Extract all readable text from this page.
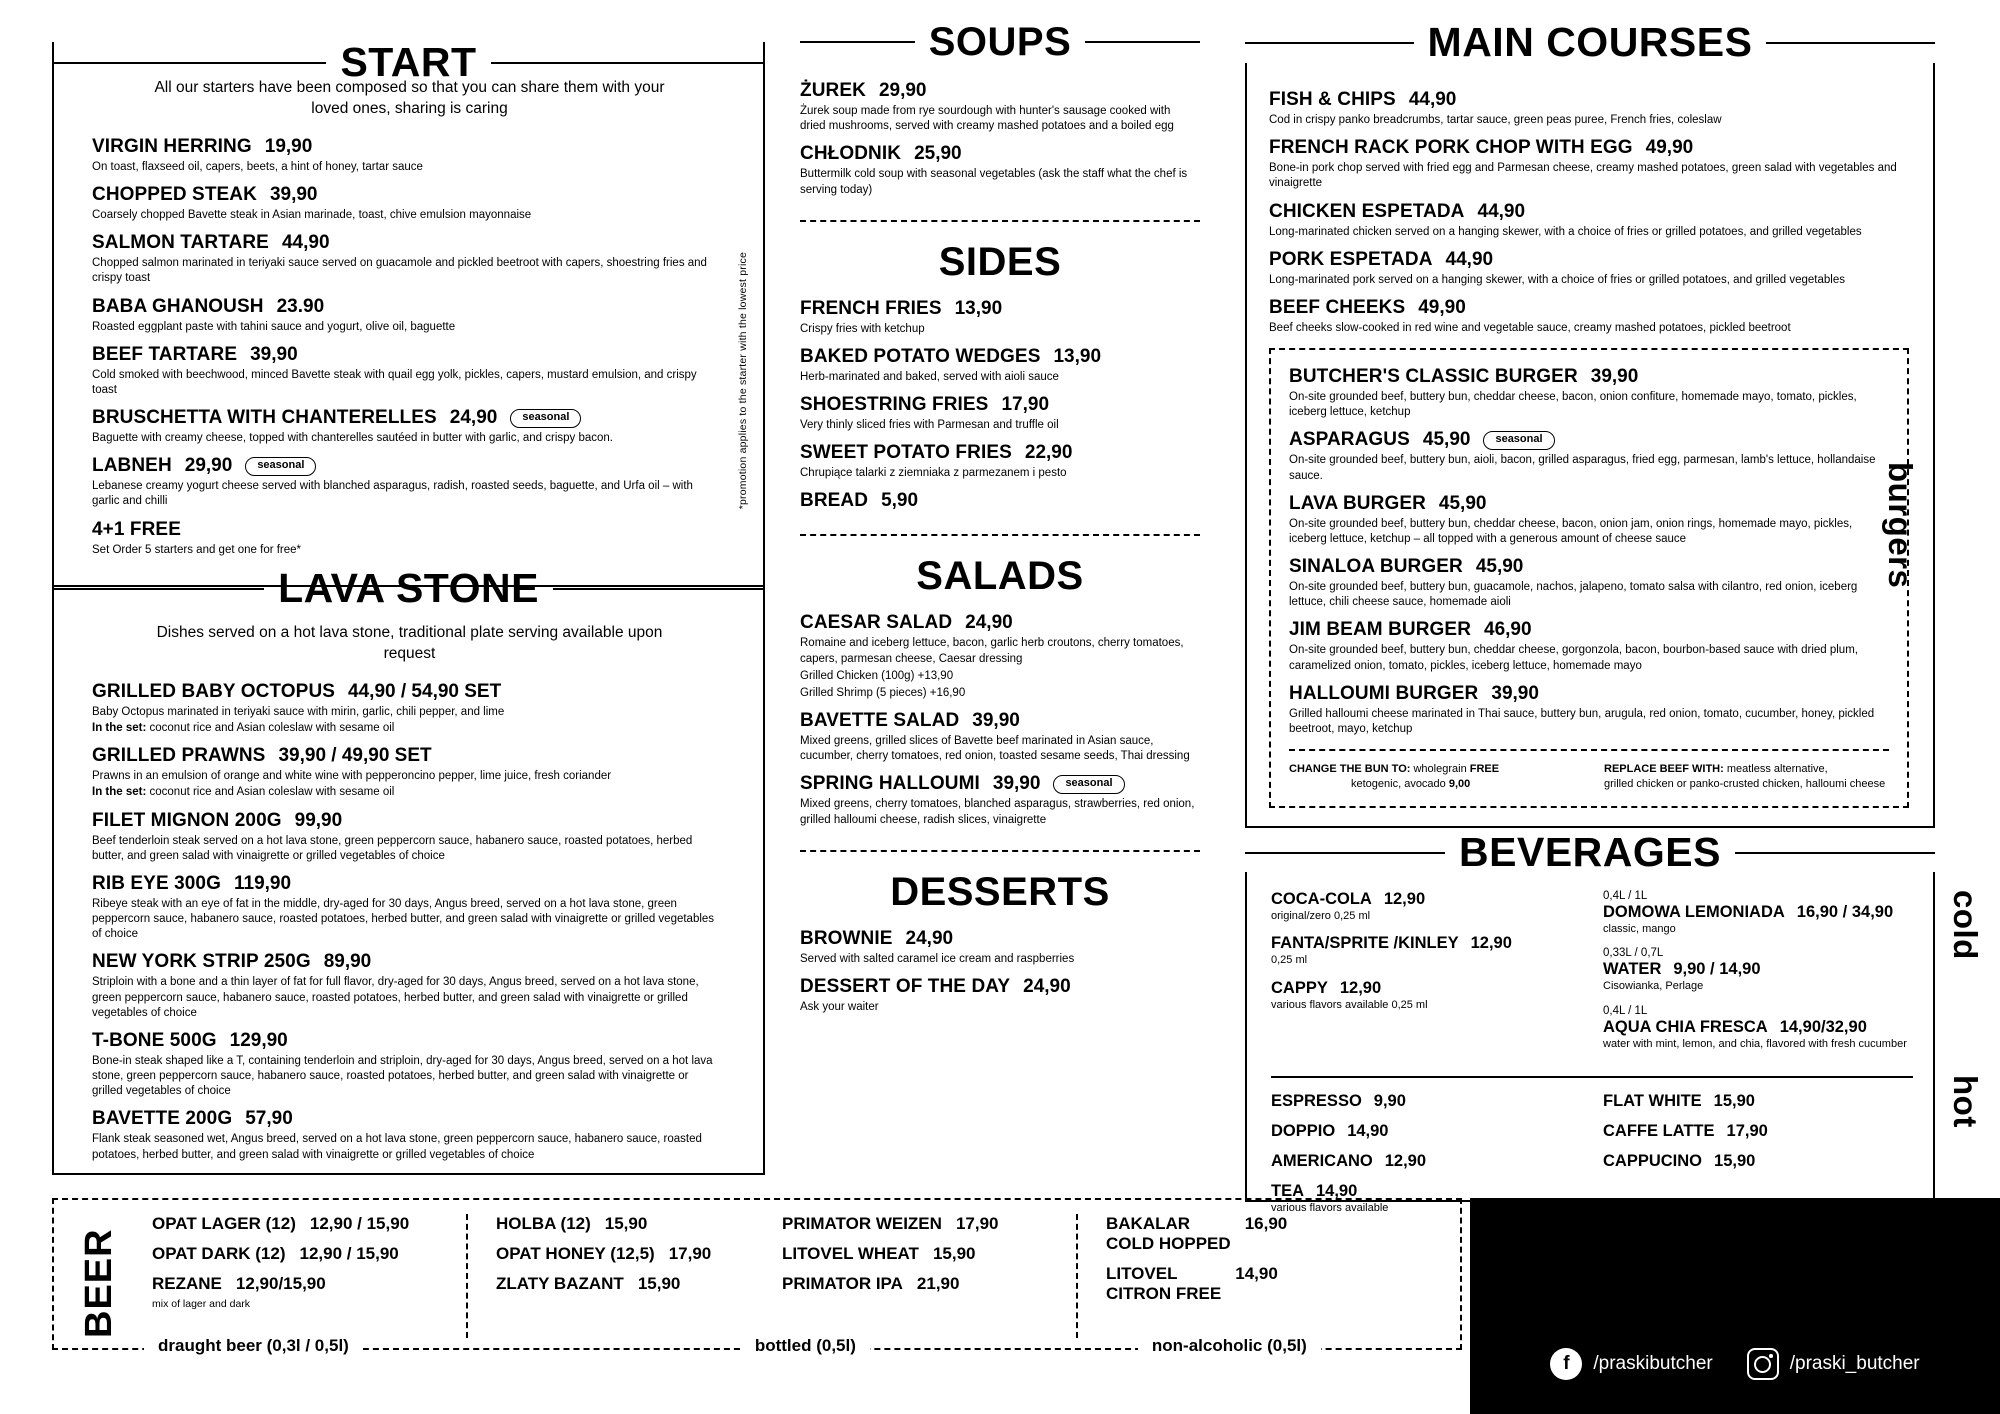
START
All our starters have been composed so that you can share them with your loved ones, sharing is caring
VIRGIN HERRING 19,90
On toast, flaxseed oil, capers, beets, a hint of honey, tartar sauce
CHOPPED STEAK 39,90
Coarsely chopped Bavette steak in Asian marinade, toast, chive emulsion mayonnaise
SALMON TARTARE 44,90
Chopped salmon marinated in teriyaki sauce served on guacamole and pickled beetroot with capers, shoestring fries and crispy toast
BABA GHANOUSH 23.90
Roasted eggplant paste with tahini sauce and yogurt, olive oil, baguette
BEEF TARTARE 39,90
Cold smoked with beechwood, minced Bavette steak with quail egg yolk, pickles, capers, mustard emulsion, and crispy toast
BRUSCHETTA WITH CHANTERELLES 24,90	seasonal
Baguette with creamy cheese, topped with chanterelles sautéed in butter with garlic, and crispy bacon.
LABNEH 29,90	seasonal
Lebanese creamy yogurt cheese served with blanched asparagus, radish, roasted seeds, baguette, and Urfa oil – with garlic and chilli
4+1 FREE
Set Order 5 starters and get one for free*
*promotion applies to the starter with the lowest price
LAVA STONE
Dishes served on a hot lava stone, traditional plate serving available upon request
GRILLED BABY OCTOPUS 44,90 / 54,90 SET
Baby Octopus marinated in teriyaki sauce with mirin, garlic, chili pepper, and lime
In the set: coconut rice and Asian coleslaw with sesame oil
GRILLED PRAWNS 39,90 / 49,90 SET
Prawns in an emulsion of orange and white wine with pepperoncino pepper, lime juice, fresh coriander
In the set: coconut rice and Asian coleslaw with sesame oil
FILET MIGNON 200G 99,90
Beef tenderloin steak served on a hot lava stone, green peppercorn sauce, habanero sauce, roasted potatoes, herbed butter, and green salad with vinaigrette or grilled vegetables of choice
RIB EYE 300G 119,90
Ribeye steak with an eye of fat in the middle, dry-aged for 30 days, Angus breed, served on a hot lava stone, green peppercorn sauce, habanero sauce, roasted potatoes, herbed butter, and green salad with vinaigrette or grilled vegetables of choice
NEW YORK STRIP 250G 89,90
Striploin with a bone and a thin layer of fat for full flavor, dry-aged for 30 days, Angus breed, served on a hot lava stone, green peppercorn sauce, habanero sauce, roasted potatoes, herbed butter, and green salad with vinaigrette or grilled vegetables of choice
T-BONE 500G 129,90
Bone-in steak shaped like a T, containing tenderloin and striploin, dry-aged for 30 days, Angus breed, served on a hot lava stone, green peppercorn sauce, habanero sauce, roasted potatoes, herbed butter, and green salad with vinaigrette or grilled vegetables of choice
BAVETTE 200G 57,90
Flank steak seasoned wet, Angus breed, served on a hot lava stone, green peppercorn sauce, habanero sauce, roasted potatoes, herbed butter, and green salad with vinaigrette or grilled vegetables of choice
SOUPS
ŻUREK 29,90
Żurek soup made from rye sourdough with hunter's sausage cooked with dried mushrooms, served with creamy mashed potatoes and a boiled egg
CHŁODNIK 25,90
Buttermilk cold soup with seasonal vegetables (ask the staff what the chef is serving today)
SIDES
FRENCH FRIES 13,90
Crispy fries with ketchup
BAKED POTATO WEDGES 13,90
Herb-marinated and baked, served with aioli sauce
SHOESTRING FRIES 17,90
Very thinly sliced fries with Parmesan and truffle oil
SWEET POTATO FRIES 22,90
Chrupiące talarki z ziemniaka z parmezanem i pesto
BREAD 5,90
SALADS
CAESAR SALAD 24,90
Romaine and iceberg lettuce, bacon, garlic herb croutons, cherry tomatoes, capers, parmesan cheese, Caesar dressing
Grilled Chicken (100g) +13,90
Grilled Shrimp (5 pieces) +16,90
BAVETTE SALAD 39,90
Mixed greens, grilled slices of Bavette beef marinated in Asian sauce, cucumber, cherry tomatoes, red onion, toasted sesame seeds, Thai dressing
SPRING HALLOUMI 39,90	seasonal
Mixed greens, cherry tomatoes, blanched asparagus, strawberries, red onion, grilled halloumi cheese, radish slices, vinaigrette
DESSERTS
BROWNIE 24,90
Served with salted caramel ice cream and raspberries
DESSERT OF THE DAY 24,90
Ask your waiter
MAIN COURSES
FISH & CHIPS 44,90
Cod in crispy panko breadcrumbs, tartar sauce, green peas puree, French fries, coleslaw
FRENCH RACK PORK CHOP WITH EGG 49,90
Bone-in pork chop served with fried egg and Parmesan cheese, creamy mashed potatoes, green salad with vegetables and vinaigrette
CHICKEN ESPETADA 44,90
Long-marinated chicken served on a hanging skewer, with a choice of fries or grilled potatoes, and grilled vegetables
PORK ESPETADA 44,90
Long-marinated pork served on a hanging skewer, with a choice of fries or grilled potatoes, and grilled vegetables
BEEF CHEEKS 49,90
Beef cheeks slow-cooked in red wine and vegetable sauce, creamy mashed potatoes, pickled beetroot
BUTCHER'S CLASSIC BURGER 39,90
On-site grounded beef, buttery bun, cheddar cheese, bacon, onion confiture, homemade mayo, tomato, pickles, iceberg lettuce, ketchup
ASPARAGUS 45,90	seasonal
On-site grounded beef, buttery bun, aioli, bacon, grilled asparagus, fried egg, parmesan, lamb's lettuce, hollandaise sauce.
LAVA BURGER 45,90
On-site grounded beef, buttery bun, cheddar cheese, bacon, onion jam, onion rings, homemade mayo, pickles, iceberg lettuce, ketchup – all topped with a generous amount of cheese sauce
SINALOA BURGER 45,90
On-site grounded beef, buttery bun, guacamole, nachos, jalapeno, tomato salsa with cilantro, red onion, iceberg lettuce, chili cheese sauce, homemade aioli
JIM BEAM BURGER 46,90
On-site grounded beef, buttery bun, cheddar cheese, gorgonzola, bacon, bourbon-based sauce with dried plum, caramelized onion, tomato, pickles, iceberg lettuce, homemade mayo
HALLOUMI BURGER 39,90
Grilled halloumi cheese marinated in Thai sauce, buttery bun, arugula, red onion, tomato, cucumber, honey, pickled beetroot, mayo, ketchup
CHANGE THE BUN TO: wholegrain FREE
ketogenic, avocado 9,00
REPLACE BEEF WITH: meatless alternative,
grilled chicken or panko-crusted chicken, halloumi cheese
burgers
BEVERAGES
COCA-COLA 12,90
original/zero 0,25 ml
FANTA/SPRITE /KINLEY 12,90
0,25 ml
CAPPY 12,90
various flavors available 0,25 ml
0,4L / 1L
DOMOWA LEMONIADA 16,90 / 34,90
classic, mango
0,33L / 0,7L
WATER 9,90 / 14,90
Cisowianka, Perlage
0,4L / 1L
AQUA CHIA FRESCA 14,90/32,90
water with mint, lemon, and chia, flavored with fresh cucumber
ESPRESSO 9,90
DOPPIO 14,90
AMERICANO 12,90
TEA 14,90
various flavors available
FLAT WHITE 15,90
CAFFE LATTE 17,90
CAPPUCINO 15,90
cold
hot
BEER
OPAT LAGER (12) 12,90 / 15,90
OPAT DARK (12) 12,90 / 15,90
REZANE 12,90/15,90
mix of lager and dark
HOLBA (12) 15,90
OPAT HONEY (12,5) 17,90
ZLATY BAZANT 15,90
PRIMATOR WEIZEN 17,90
LITOVEL WHEAT 15,90
PRIMATOR IPA 21,90
BAKALAR
COLD HOPPED
16,90
LITOVEL
CITRON FREE
14,90
draught beer (0,3l / 0,5l)	bottled (0,5l)	non-alcoholic (0,5l)
f	/praskibutcher	/praski_butcher
